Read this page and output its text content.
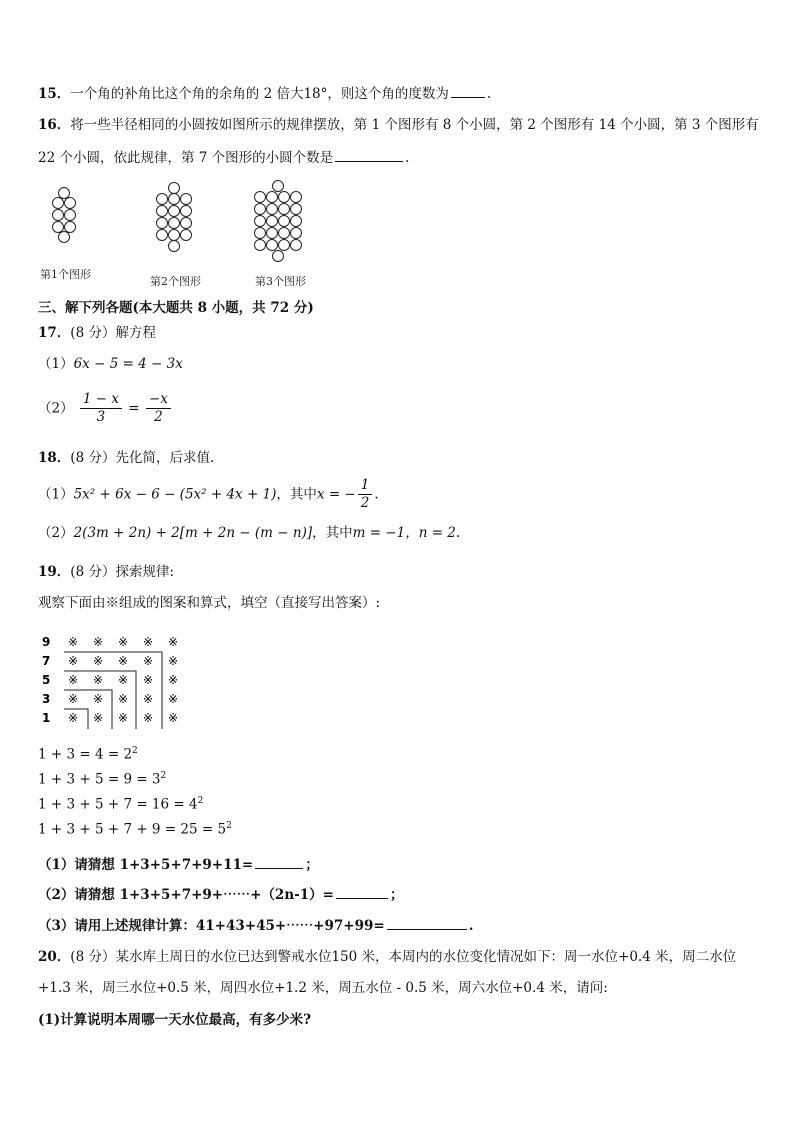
15．一个角的补角比这个角的余角的 2 倍大18°，则这个角的度数为	.
16．将一些半径相同的小圆按如图所示的规律摆放，第 1 个图形有 8 个小圆，第 2 个图形有 14 个小圆，第 3 个图形有
22 个小圆，依此规律，第 7 个图形的小圆个数是	.
第1个图形
第2个图形	第3个图形
三、解下列各题(本大题共 8 小题，共 72 分)
17．(8 分）解方程
（1）6x − 5 = 4 − 3x
$(2) \frac{1 - x}{3} = \frac{-x}{2}$
18．(8 分）先化简，后求值.
（1）5x² + 6x − 6 − (5x² + 4x + 1)，其中x = − $\frac{1}{2}$ .
（2）2(3m + 2n) + 2[m + 2n − (m − n)]，其中m = −1，n = 2.
19．(8 分）探索规律:
观察下面由※组成的图案和算式，填空（直接写出答案）:
9
7
5
3
1
※ ※ ※ ※ ※
※ ※ ※ ※ ※
※ ※ ※ ※ ※
※ ※ ※ ※ ※
※ ※ ※ ※ ※
$1 + 3 = 4 = 2^2$
$1 + 3 + 5 = 9 = 3^2$
$1 + 3 + 5 + 7 = 16 = 4^2$
$1 + 3 + 5 + 7 + 9 = 25 = 5^2$
（1）请猜想 1+3+5+7+9+11=	；
（2）请猜想 1+3+5+7+9+⋯⋯+（2n-1）=	；
（3）请用上述规律计算：41+43+45+⋯⋯+97+99=	.
20．(8 分）某水库上周日的水位已达到警戒水位150 米，本周内的水位变化情况如下：周一水位+0.4 米，周二水位
+1.3 米，周三水位+0.5 米，周四水位+1.2 米，周五水位 - 0.5 米，周六水位+0.4 米，请问:
(1)计算说明本周哪一天水位最高，有多少米?
